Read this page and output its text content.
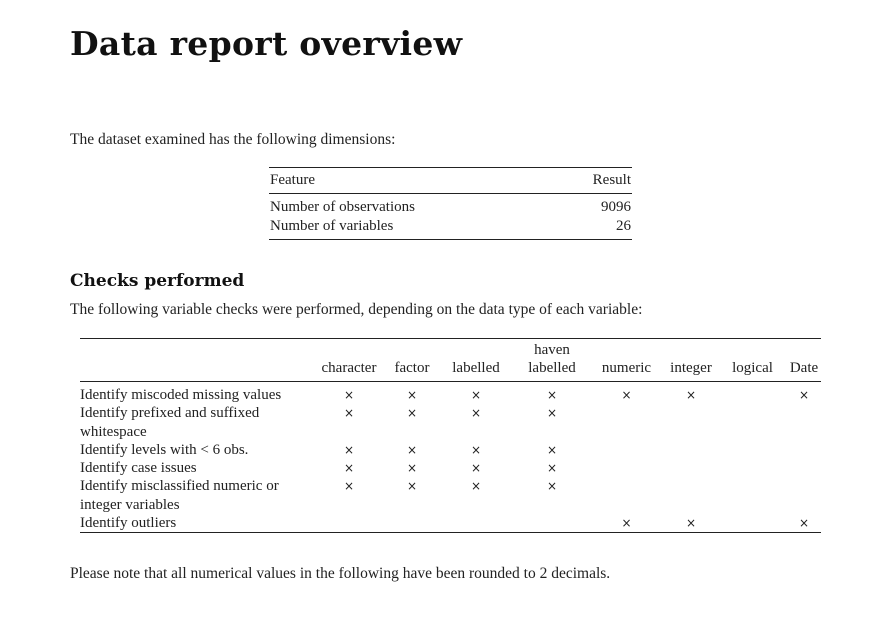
Data report overview

The dataset examined has the following dimensions:

Feature	Result
Number of observations	9096
Number of variables	26
Checks performed

The following variable checks were performed, depending on the data type of each variable:

	character	factor	labelled	haven labelled	numeric	integer	logical	Date
Identify miscoded missing values	×	×	×	×	×	×		×
Identify prefixed and suffixed whitespace	×	×	×	×				
Identify levels with < 6 obs.	×	×	×	×				
Identify case issues	×	×	×	×				
Identify misclassified numeric or integer variables	×	×	×	×				
Identify outliers					×	×		×

Please note that all numerical values in the following have been rounded to 2 decimals.
